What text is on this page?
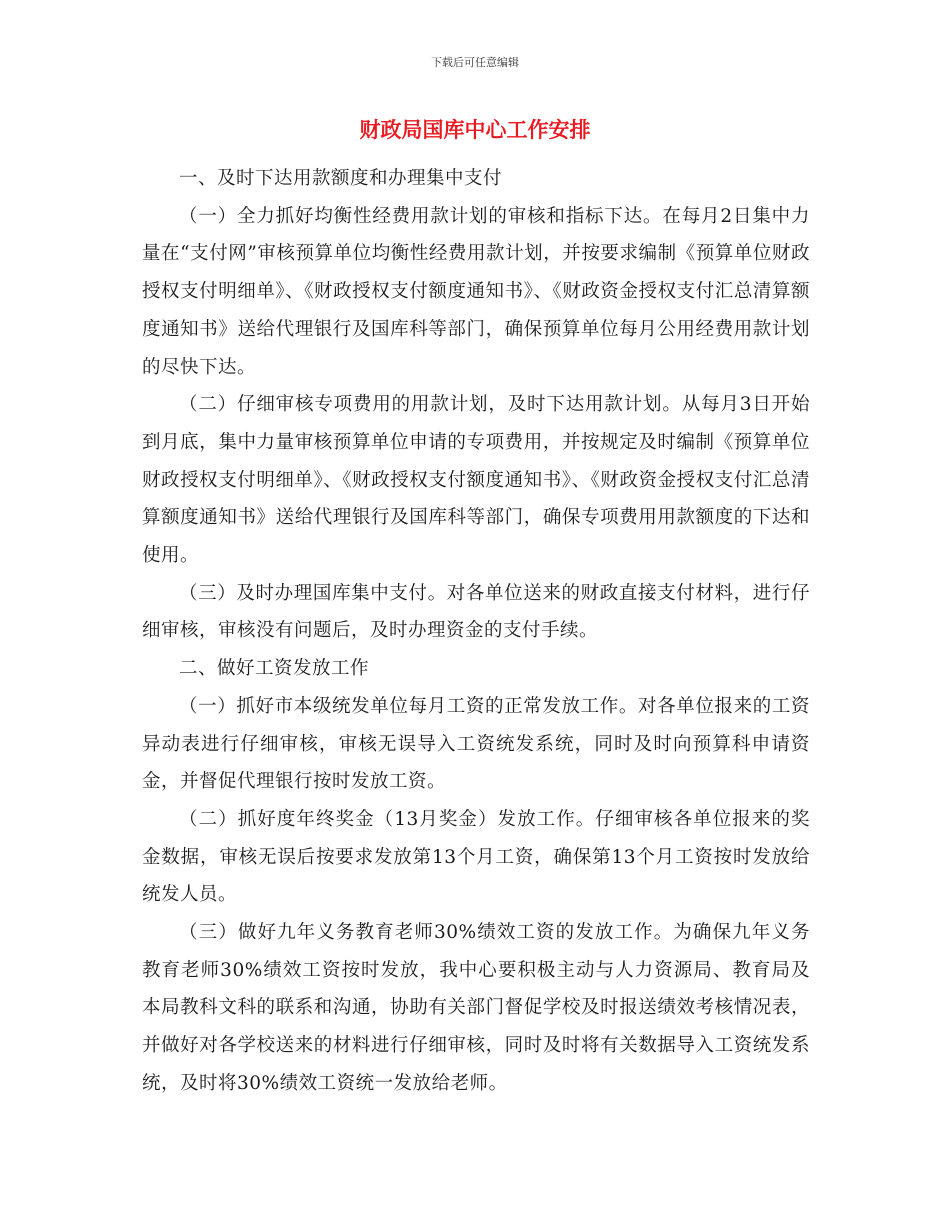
下载后可任意编辑
财政局国库中心工作安排

一、及时下达用款额度和办理集中支付

（一）全力抓好均衡性经费用款计划的审核和指标下达。在每月2日集中力量在“支付网”审核预算单位均衡性经费用款计划，并按要求编制《预算单位财政授权支付明细单》、《财政授权支付额度通知书》、《财政资金授权支付汇总清算额度通知书》送给代理银行及国库科等部门，确保预算单位每月公用经费用款计划的尽快下达。

（二）仔细审核专项费用的用款计划，及时下达用款计划。从每月3日开始到月底，集中力量审核预算单位申请的专项费用，并按规定及时编制《预算单位财政授权支付明细单》、《财政授权支付额度通知书》、《财政资金授权支付汇总清算额度通知书》送给代理银行及国库科等部门，确保专项费用用款额度的下达和使用。

（三）及时办理国库集中支付。对各单位送来的财政直接支付材料，进行仔细审核，审核没有问题后，及时办理资金的支付手续。

二、做好工资发放工作

（一）抓好市本级统发单位每月工资的正常发放工作。对各单位报来的工资异动表进行仔细审核，审核无误导入工资统发系统，同时及时向预算科申请资金，并督促代理银行按时发放工资。

（二）抓好度年终奖金（13月奖金）发放工作。仔细审核各单位报来的奖金数据，审核无误后按要求发放第13个月工资，确保第13个月工资按时发放给统发人员。

（三）做好九年义务教育老师30%绩效工资的发放工作。为确保九年义务教育老师30%绩效工资按时发放，我中心要积极主动与人力资源局、教育局及本局教科文科的联系和沟通，协助有关部门督促学校及时报送绩效考核情况表，并做好对各学校送来的材料进行仔细审核，同时及时将有关数据导入工资统发系统，及时将30%绩效工资统一发放给老师。
